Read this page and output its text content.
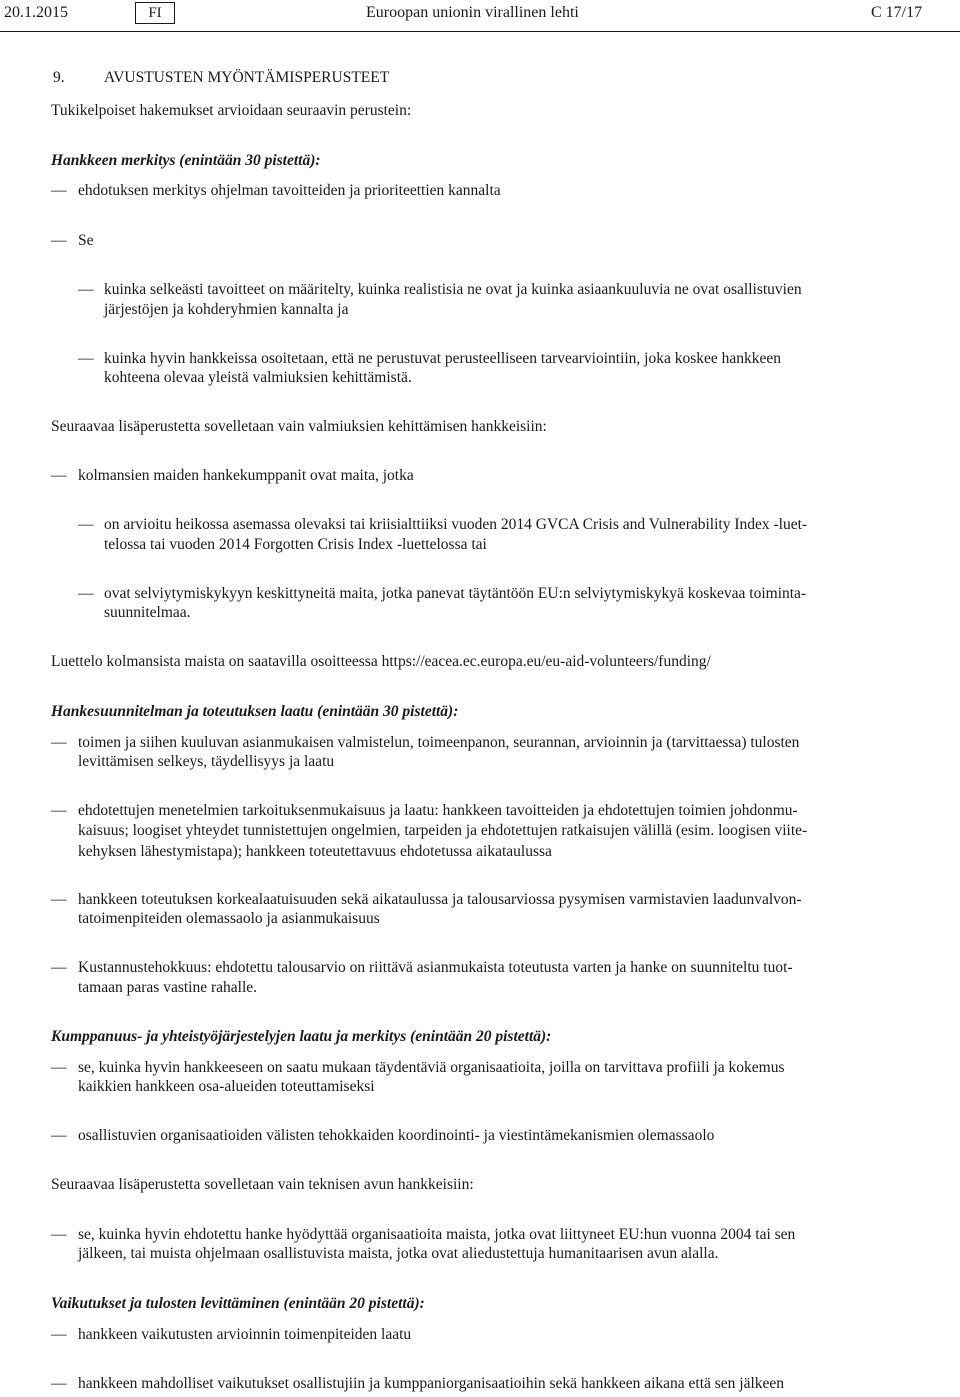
20.1.2015	FI	Euroopan unionin virallinen lehti	C 17/17
9.	AVUSTUSTEN MYÖNTÄMISPERUSTEET
Tukikelpoiset hakemukset arvioidaan seuraavin perustein:
Hankkeen merkitys (enintään 30 pistettä):
— ehdotuksen merkitys ohjelman tavoitteiden ja prioriteettien kannalta
— Se
— kuinka selkeästi tavoitteet on määritelty, kuinka realistisia ne ovat ja kuinka asiaankuuluvia ne ovat osallistuvien
järjestöjen ja kohderyhmien kannalta ja
— kuinka hyvin hankkeissa osoitetaan, että ne perustuvat perusteelliseen tarvearviointiin, joka koskee hankkeen
kohteena olevaa yleistä valmiuksien kehittämistä.
Seuraavaa lisäperustetta sovelletaan vain valmiuksien kehittämisen hankkeisiin:
— kolmansien maiden hankekumppanit ovat maita, jotka
— on arvioitu heikossa asemassa olevaksi tai kriisialttiiksi vuoden 2014 GVCA Crisis and Vulnerability Index -luet-
telossa tai vuoden 2014 Forgotten Crisis Index -luettelossa tai
— ovat selviytymiskykyyn keskittyneitä maita, jotka panevat täytäntöön EU:n selviytymiskykyä koskevaa toiminta-
suunnitelmaa.
Luettelo kolmansista maista on saatavilla osoitteessa https://eacea.ec.europa.eu/eu-aid-volunteers/funding/
Hankesuunnitelman ja toteutuksen laatu (enintään 30 pistettä):
— toimen ja siihen kuuluvan asianmukaisen valmistelun, toimeenpanon, seurannan, arvioinnin ja (tarvittaessa) tulosten
levittämisen selkeys, täydellisyys ja laatu
— ehdotettujen menetelmien tarkoituksenmukaisuus ja laatu: hankkeen tavoitteiden ja ehdotettujen toimien johdonmu-
kaisuus; loogiset yhteydet tunnistettujen ongelmien, tarpeiden ja ehdotettujen ratkaisujen välillä (esim. loogisen viite-
kehyksen lähestymistapa); hankkeen toteutettavuus ehdotetussa aikataulussa
— hankkeen toteutuksen korkealaatuisuuden sekä aikataulussa ja talousarviossa pysymisen varmistavien laadunvalvon-
tatoimenpiteiden olemassaolo ja asianmukaisuus
— Kustannustehokkuus: ehdotettu talousarvio on riittävä asianmukaista toteutusta varten ja hanke on suunniteltu tuot-
tamaan paras vastine rahalle.
Kumppanuus- ja yhteistyöjärjestelyjen laatu ja merkitys (enintään 20 pistettä):
— se, kuinka hyvin hankkeeseen on saatu mukaan täydentäviä organisaatioita, joilla on tarvittava profiili ja kokemus
kaikkien hankkeen osa-alueiden toteuttamiseksi
— osallistuvien organisaatioiden välisten tehokkaiden koordinointi- ja viestintämekanismien olemassaolo
Seuraavaa lisäperustetta sovelletaan vain teknisen avun hankkeisiin:
— se, kuinka hyvin ehdotettu hanke hyödyttää organisaatioita maista, jotka ovat liittyneet EU:hun vuonna 2004 tai sen
jälkeen, tai muista ohjelmaan osallistuvista maista, jotka ovat aliedustettuja humanitaarisen avun alalla.
Vaikutukset ja tulosten levittäminen (enintään 20 pistettä):
— hankkeen vaikutusten arvioinnin toimenpiteiden laatu
— hankkeen mahdolliset vaikutukset osallistujiin ja kumppaniorganisaatioihin sekä hankkeen aikana että sen jälkeen
